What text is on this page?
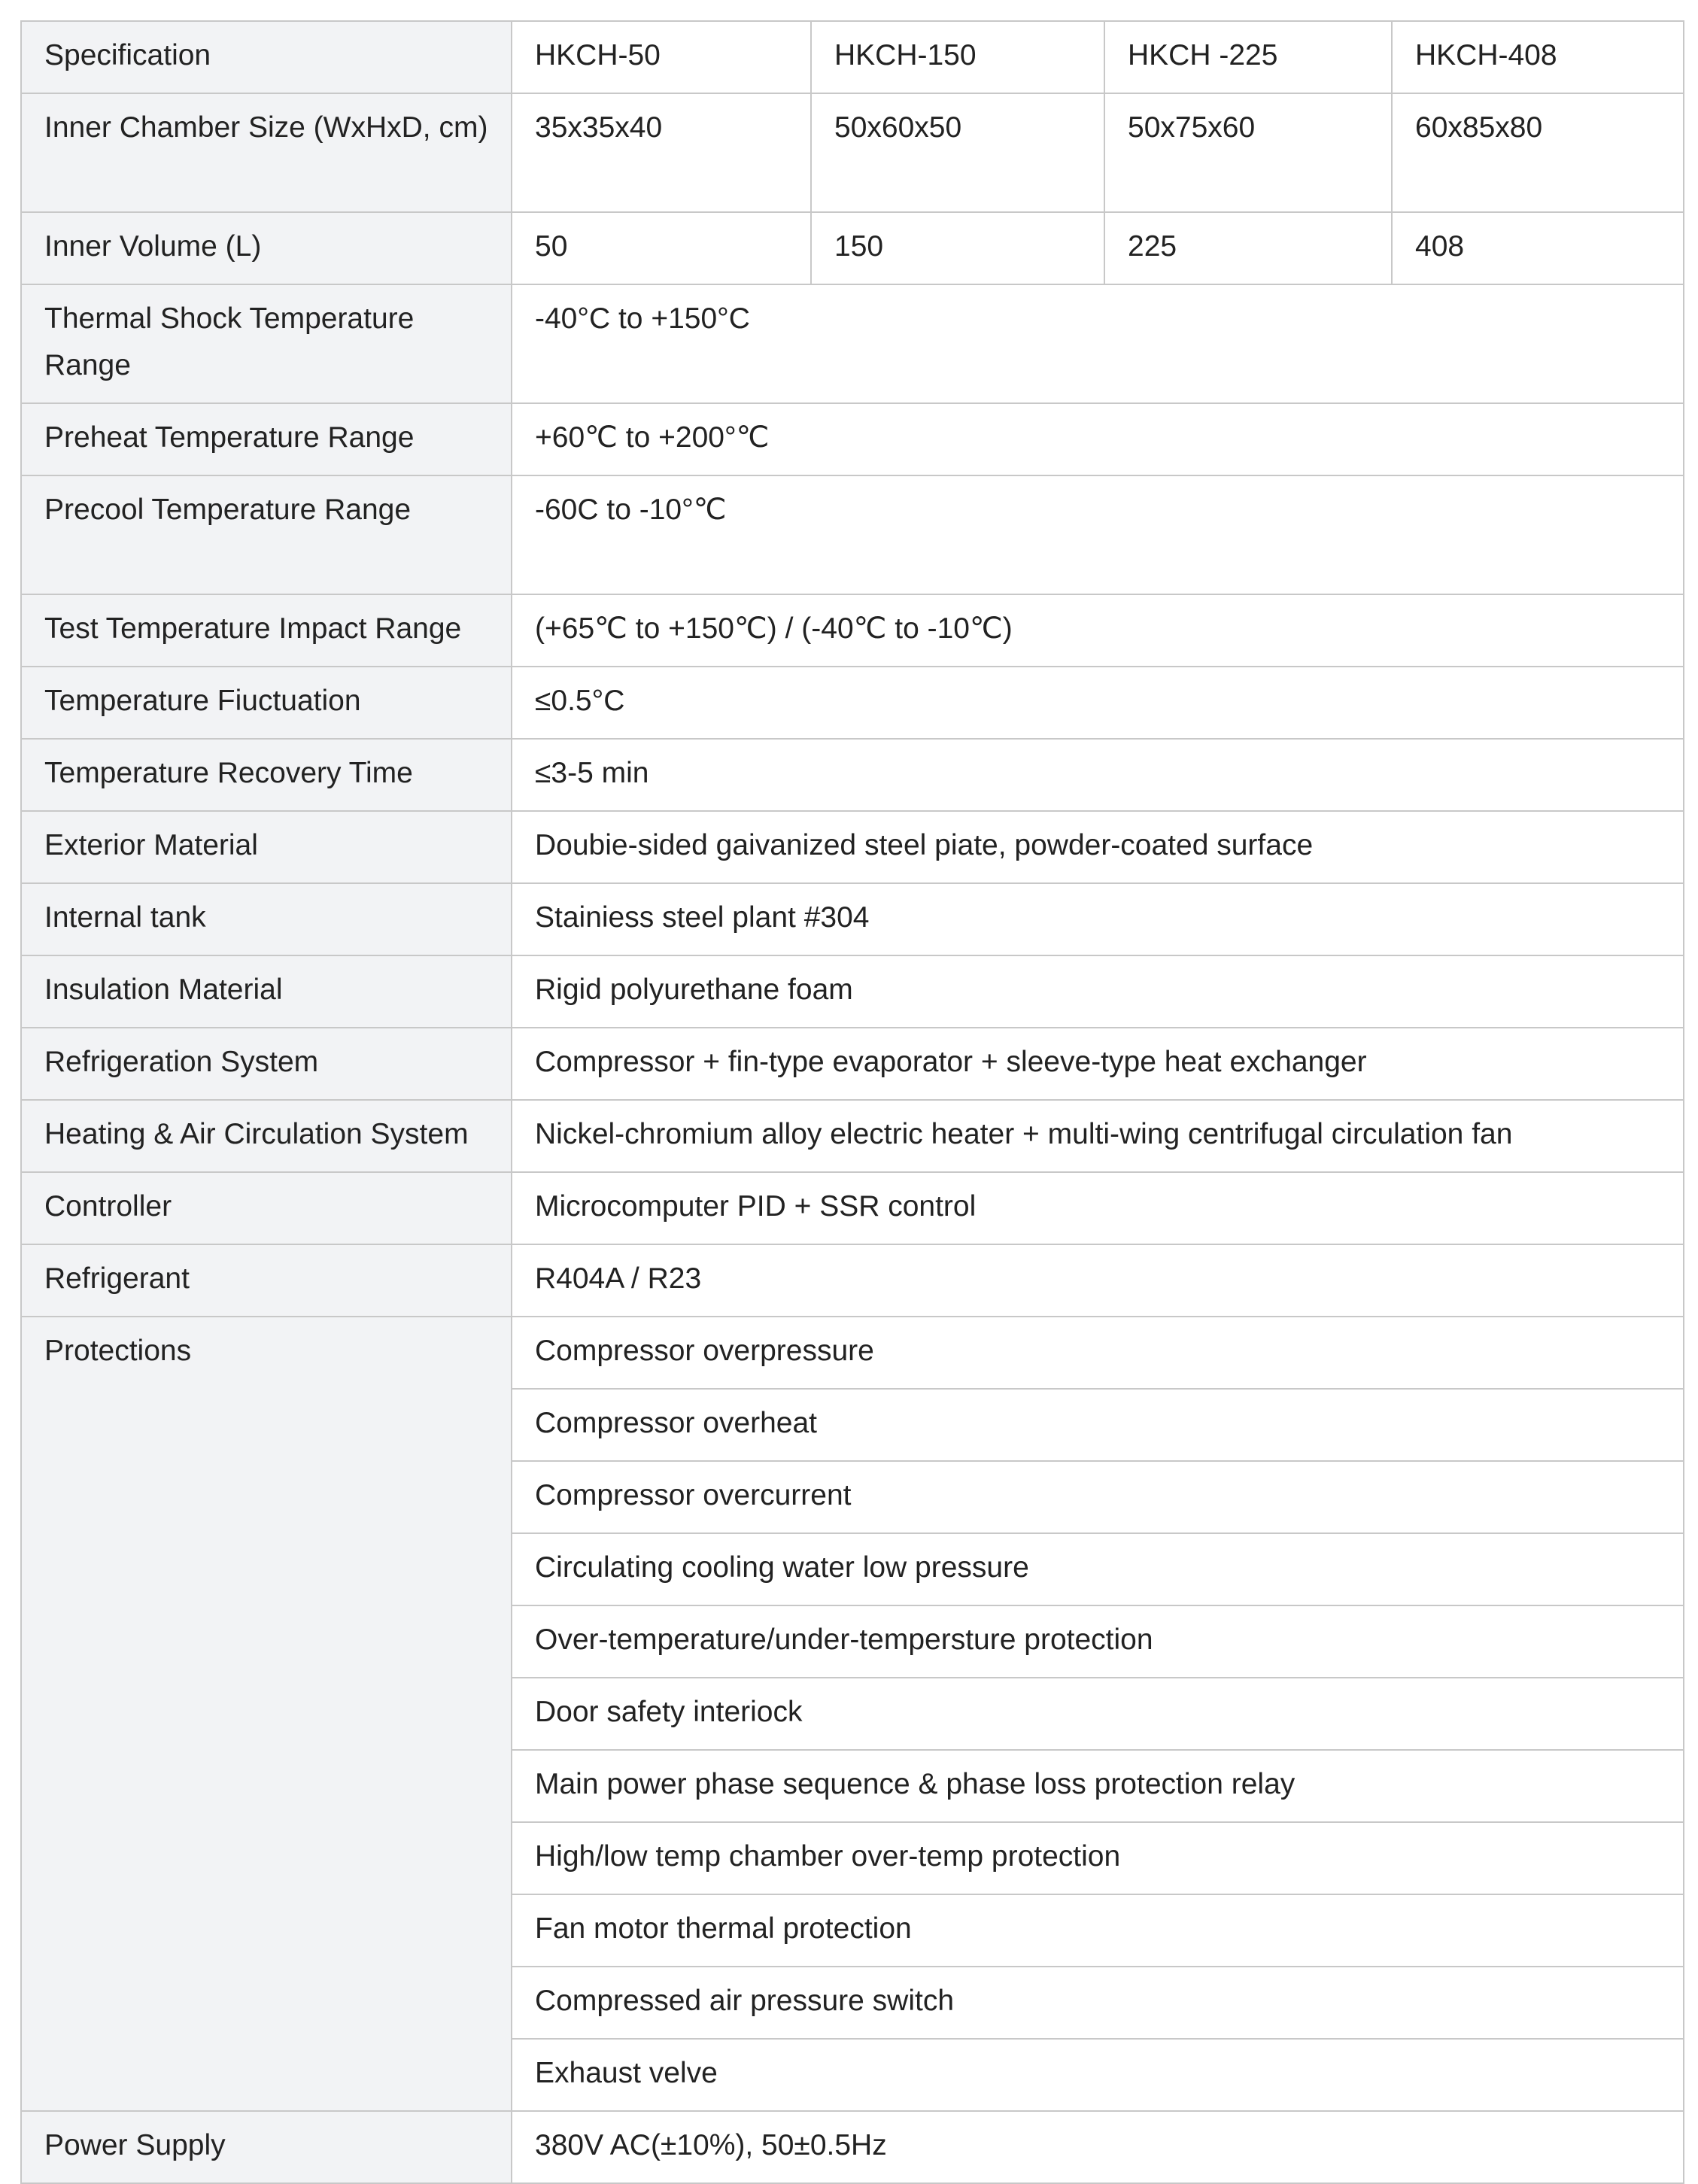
Specification	HKCH-50	HKCH-150	HKCH -225	HKCH-408
Inner Chamber Size (WxHxD, cm)	35x35x40	50x60x50	50x75x60	60x85x80
Inner Volume (L)	50	150	225	408
Thermal Shock Temperature Range	-40°C to +150°C			
Preheat Temperature Range	+60℃ to +200°℃			
Precool Temperature Range	-60C to -10°℃			
Test Temperature Impact Range	(+65℃ to +150℃) / (-40℃ to -10℃)			
Temperature Fiuctuation	≤0.5°C			
Temperature Recovery Time	≤3-5 min			
Exterior Material	Doubie-sided gaivanized steel piate, powder-coated surface			
Internal tank	Stainiess steel plant #304			
Insulation Material	Rigid polyurethane foam			
Refrigeration System	Compressor + fin-type evaporator + sleeve-type heat exchanger			
Heating & Air Circulation System	Nickel-chromium alloy electric heater + multi-wing centrifugal circulation fan			
Controller	Microcomputer PID + SSR control			
Refrigerant	R404A / R23			
Protections	Compressor overpressure			
	Compressor overheat			
	Compressor overcurrent			
	Circulating cooling water low pressure			
	Over-temperature/under-tempersture protection			
	Door safety interiock			
	Main power phase sequence & phase loss protection relay			
	High/low temp chamber over-temp protection			
	Fan motor thermal protection			
	Compressed air pressure switch			
	Exhaust velve			
Power Supply	380V AC(±10%), 50±0.5Hz			
